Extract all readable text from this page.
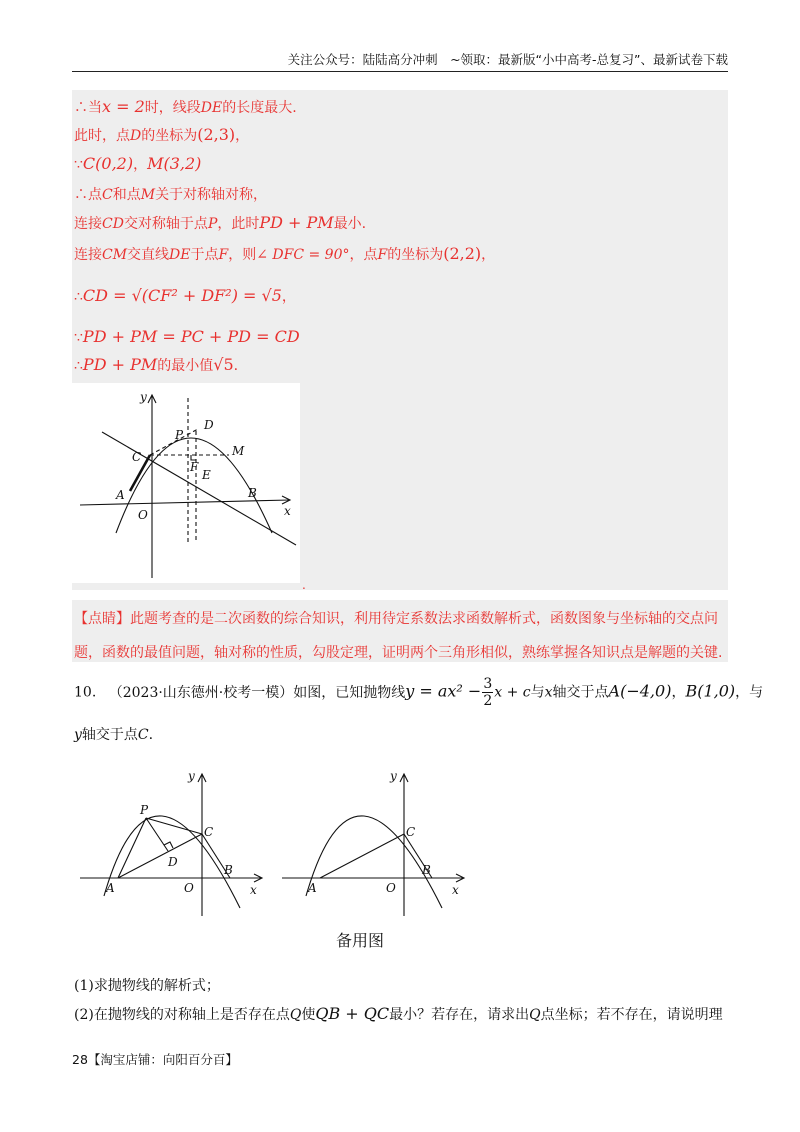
关注公众号：陆陆高分冲刺　~领取：最新版“小中高考-总复习”、最新试卷下载
∴当x = 2时，线段DE的长度最大.
此时，点D的坐标为(2,3)，
∵C(0,2)，M(3,2)
∴点C和点M关于对称轴对称，
连接CD交对称轴于点P，此时PD + PM最小.
连接CM交直线DE于点F，则∠ DFC = 90°，点F的坐标为(2,2)，
∴CD = √(CF² + DF²) = √5，
∵PD + PM = PC + PD = CD
∴PD + PM的最小值√5.
y
x
O
A	B
C
D
P
M
F
E
.
【点睛】此题考查的是二次函数的综合知识，利用待定系数法求函数解析式，函数图象与坐标轴的交点问题，函数的最值问题，轴对称的性质，勾股定理，证明两个三角形相似，熟练掌握各知识点是解题的关键.
10. （2023·山东德州·校考一模）如图，已知抛物线$y = ax^2 - \frac{3}{2}$ x + c与x轴交于点A(−4,0)，B(1,0)，与
y轴交于点C.
y
x
O
A
B
C
P
D
y
x
O
A
B
C
备用图
(1)求抛物线的解析式；
(2)在抛物线的对称轴上是否存在点Q使QB + QC最小？若存在，请求出Q点坐标；若不存在，请说明理
28【淘宝店铺：向阳百分百】
